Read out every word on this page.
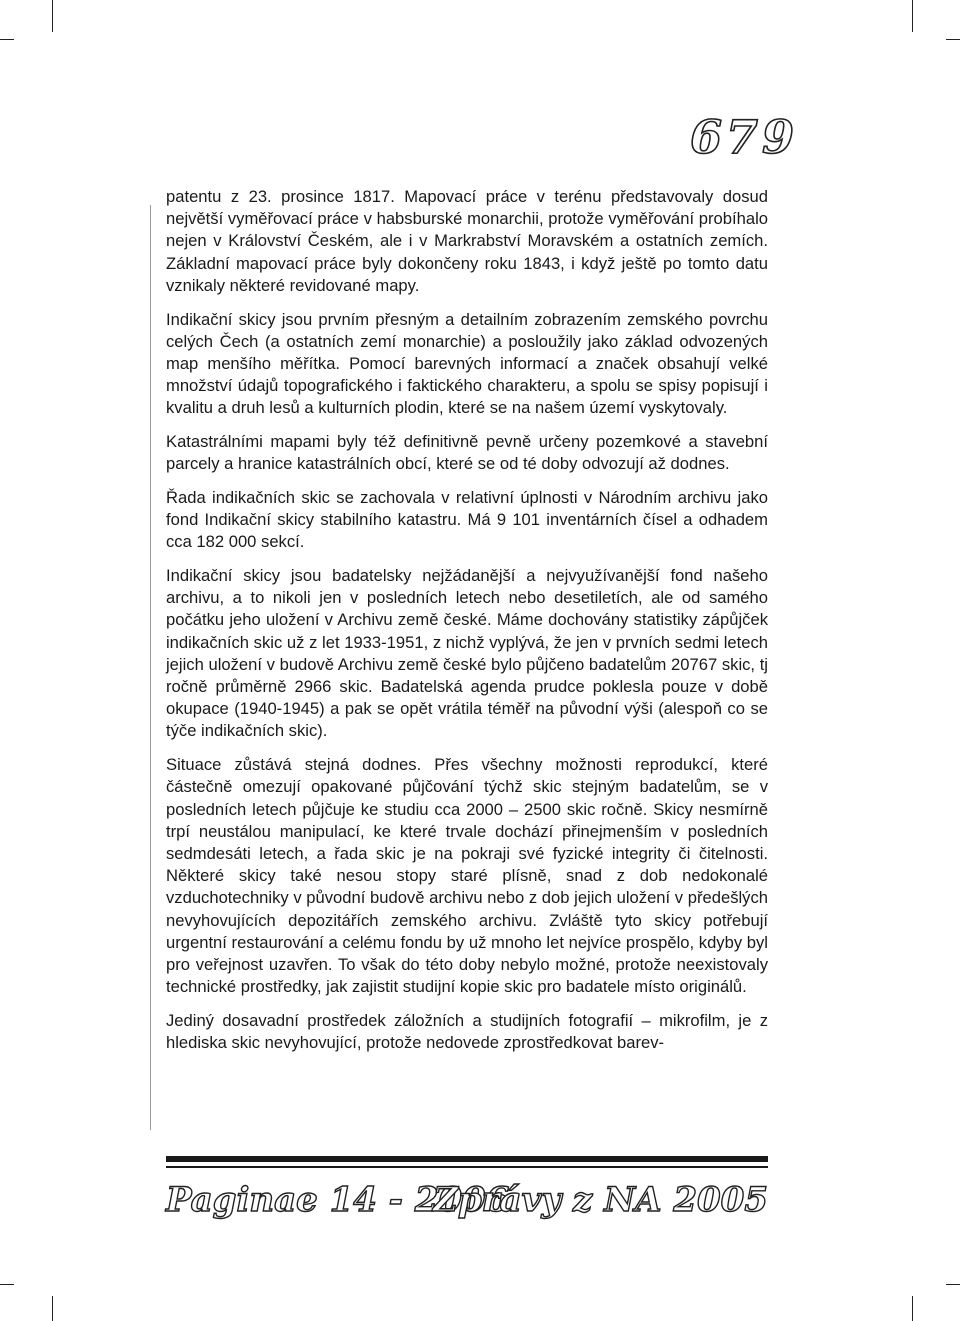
679

patentu z 23. prosince 1817. Mapovací práce v terénu představovaly dosud největší vyměřovací práce v habsburské monarchii, protože vyměřování probíhalo nejen v Království Českém, ale i v Markrabství Moravském a ostatních zemích. Základní mapovací práce byly dokončeny roku 1843, i když ještě po tomto datu vznikaly některé revidované mapy.

Indikační skicy jsou prvním přesným a detailním zobrazením zemského povrchu celých Čech (a ostatních zemí monarchie) a posloužily jako základ odvozených map menšího měřítka. Pomocí barevných informací a značek obsahují velké množství údajů topografického i faktického charakteru, a spolu se spisy popisují i kvalitu a druh lesů a kulturních plodin, které se na našem území vyskytovaly.

Katastrálními mapami byly též definitivně pevně určeny pozemkové a stavební parcely a hranice katastrálních obcí, které se od té doby odvozují až dodnes.

Řada indikačních skic se zachovala v relativní úplnosti v Národním archivu jako fond Indikační skicy stabilního katastru. Má 9 101 inventárních čísel a odhadem cca 182 000 sekcí.

Indikační skicy jsou badatelsky nejžádanější a nejvyužívanější fond našeho archivu, a to nikoli jen v posledních letech nebo desetiletích, ale od samého počátku jeho uložení v Archivu země české. Máme dochovány statistiky zápůjček indikačních skic už z let 1933-1951, z nichž vyplývá, že jen v prvních sedmi letech jejich uložení v budově Archivu země české bylo půjčeno badatelům 20767 skic, tj ročně průměrně 2966 skic. Badatelská agenda prudce poklesla pouze v době okupace (1940-1945) a pak se opět vrátila téměř na původní výši (alespoň co se týče indikačních skic).

Situace zůstává stejná dodnes. Přes všechny možnosti reprodukcí, které částečně omezují opakované půjčování týchž skic stejným badatelům, se v posledních letech půjčuje ke studiu cca 2000 – 2500 skic ročně. Skicy nesmírně trpí neustálou manipulací, ke které trvale dochází přinejmenším v posledních sedmdesáti letech, a řada skic je na pokraji své fyzické integrity či čitelnosti. Některé skicy také nesou stopy staré plísně, snad z dob nedokonalé vzduchotechniky v původní budově archivu nebo z dob jejich uložení v předešlých nevyhovujících depozitářích zemského archivu. Zvláště tyto skicy potřebují urgentní restaurování a celému fondu by už mnoho let nejvíce prospělo, kdyby byl pro veřejnost uzavřen. To však do této doby nebylo možné, protože neexistovaly technické prostředky, jak zajistit studijní kopie skic pro badatele místo originálů.

Jediný dosavadní prostředek záložních a studijních fotografií – mikrofilm, je z hlediska skic nevyhovující, protože nedovede zprostředkovat barev-

Paginae 14 - 2006
Zprávy z NA 2005
